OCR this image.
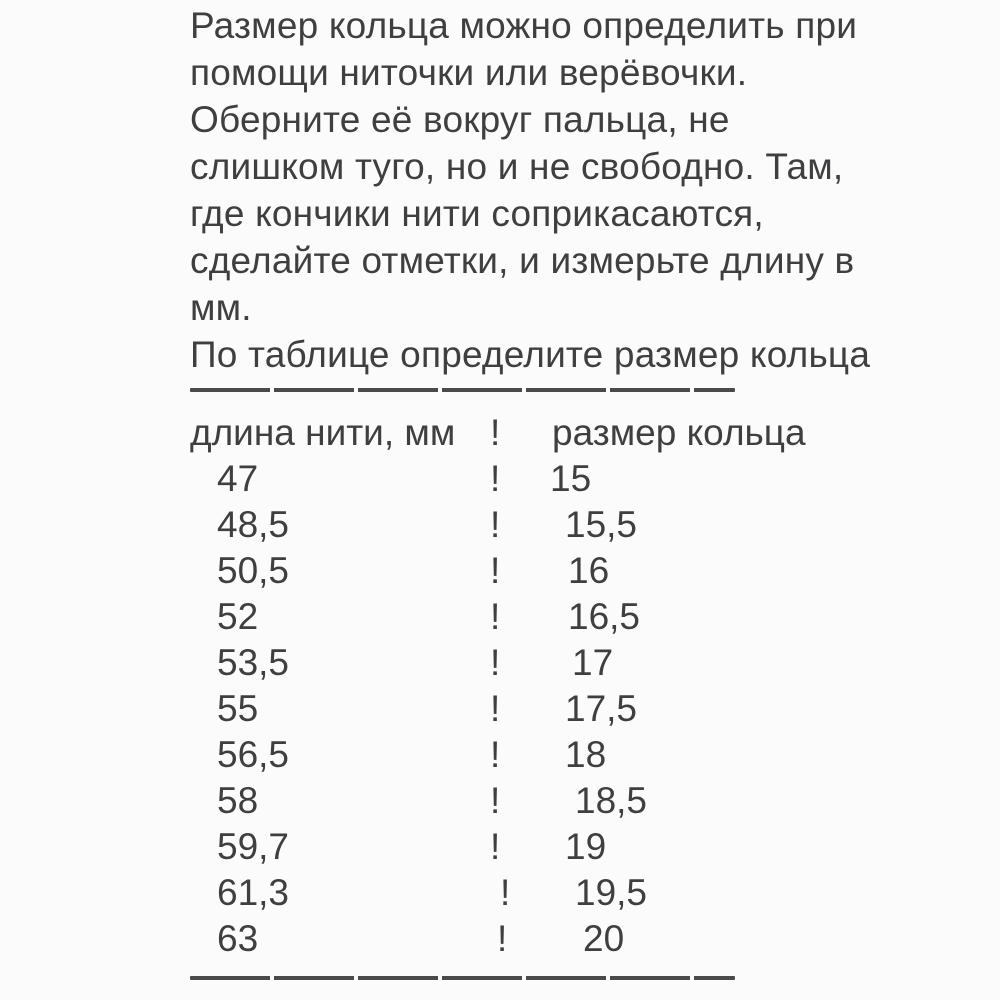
Размер кольца можно определить при
помощи ниточки или верёвочки.
Оберните её вокруг пальца, не
слишком туго, но и не свободно. Там,
где кончики нити соприкасаются,
сделайте отметки, и измерьте длину в
мм.
По таблице определите размер кольца
длина нити, мм !	размер кольца
47	!	15
48,5	!	15,5
50,5	!	16
52	!	16,5
53,5	!	17
55	!	17,5
56,5	!	18
58	!	18,5
59,7	!	19
61,3	!	19,5
63	!	20
